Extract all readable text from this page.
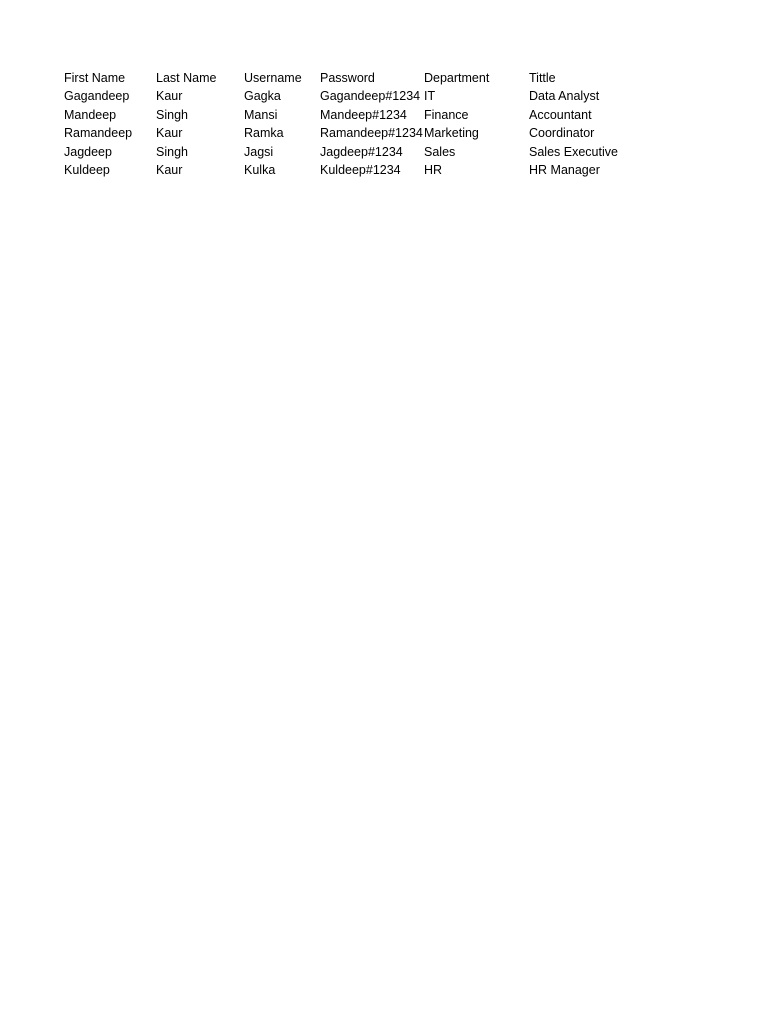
First Name	Last Name	Username	Password	Department	Tittle
Gagandeep	Kaur	Gagka	Gagandeep#1234	IT	Data Analyst
Mandeep	Singh	Mansi	Mandeep#1234	Finance	Accountant
Ramandeep	Kaur	Ramka	Ramandeep#1234	Marketing	Coordinator
Jagdeep	Singh	Jagsi	Jagdeep#1234	Sales	Sales Executive
Kuldeep	Kaur	Kulka	Kuldeep#1234	HR	HR Manager
